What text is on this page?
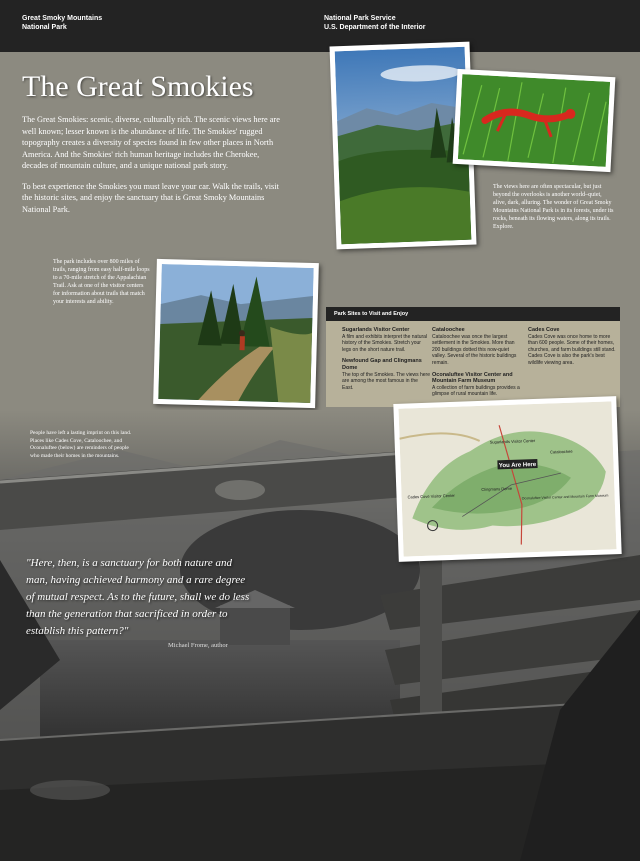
Great Smoky Mountains
National Park
National Park Service
U.S. Department of the Interior
The Great Smokies

The Great Smokies: scenic, diverse, culturally rich. The scenic views here are well known; lesser known is the abundance of life. The Smokies' rugged topography creates a diversity of species found in few other places in North America. And the Smokies' rich human heritage includes the Cherokee, decades of mountain culture, and a unique national park story.

To best experience the Smokies you must leave your car. Walk the trails, visit the historic sites, and enjoy the sanctuary that is Great Smoky Mountains National Park.

The views here are often spectacular, but just beyond the overlooks is another world–quiet, alive, dark, alluring. The wonder of Great Smoky Mountains National Park is in its forests, under its rocks, beneath its flowing waters, along its trails. Explore.
The park includes over 800 miles of trails, ranging from easy half-mile loops to a 70-mile stretch of the Appalachian Trail. Ask at one of the visitor centers for information about trails that match your interests and ability.
Park Sites to Visit and Enjoy
Sugarlands Visitor Center
A film and exhibits interpret the natural history of the Smokies. Stretch your legs on the short nature trail.
Newfound Gap and Clingmans Dome
The top of the Smokies. The views here are among the most famous in the East.
Cataloochee
Cataloochee was once the largest settlement in the Smokies. More than 200 buildings dotted this now-quiet valley. Several of the historic buildings remain.
Oconaluftee Visitor Center and Mountain Farm Museum
A collection of farm buildings provides a glimpse of rural mountain life.
Cades Cove
Cades Cove was once home to more than 600 people. Some of their homes, churches, and farm buildings still stand. Cades Cove is also the park's best wildlife viewing area.
People have left a lasting imprint on this land. Places like Cades Cove, Cataloochee, and Oconaluftee (below) are reminders of people who made their homes in the mountains.
You Are Here
Sugarlands Visitor Center
Cataloochee
Cades Cove Visitor Center
Clingmans Dome
Oconaluftee Visitor Center and Mountain Farm Museum
"Here, then, is a sanctuary for both nature and man, having achieved harmony and a rare degree of mutual respect. As to the future, shall we do less than the generation that sacrificed in order to establish this pattern?"
Michael Frome, author
